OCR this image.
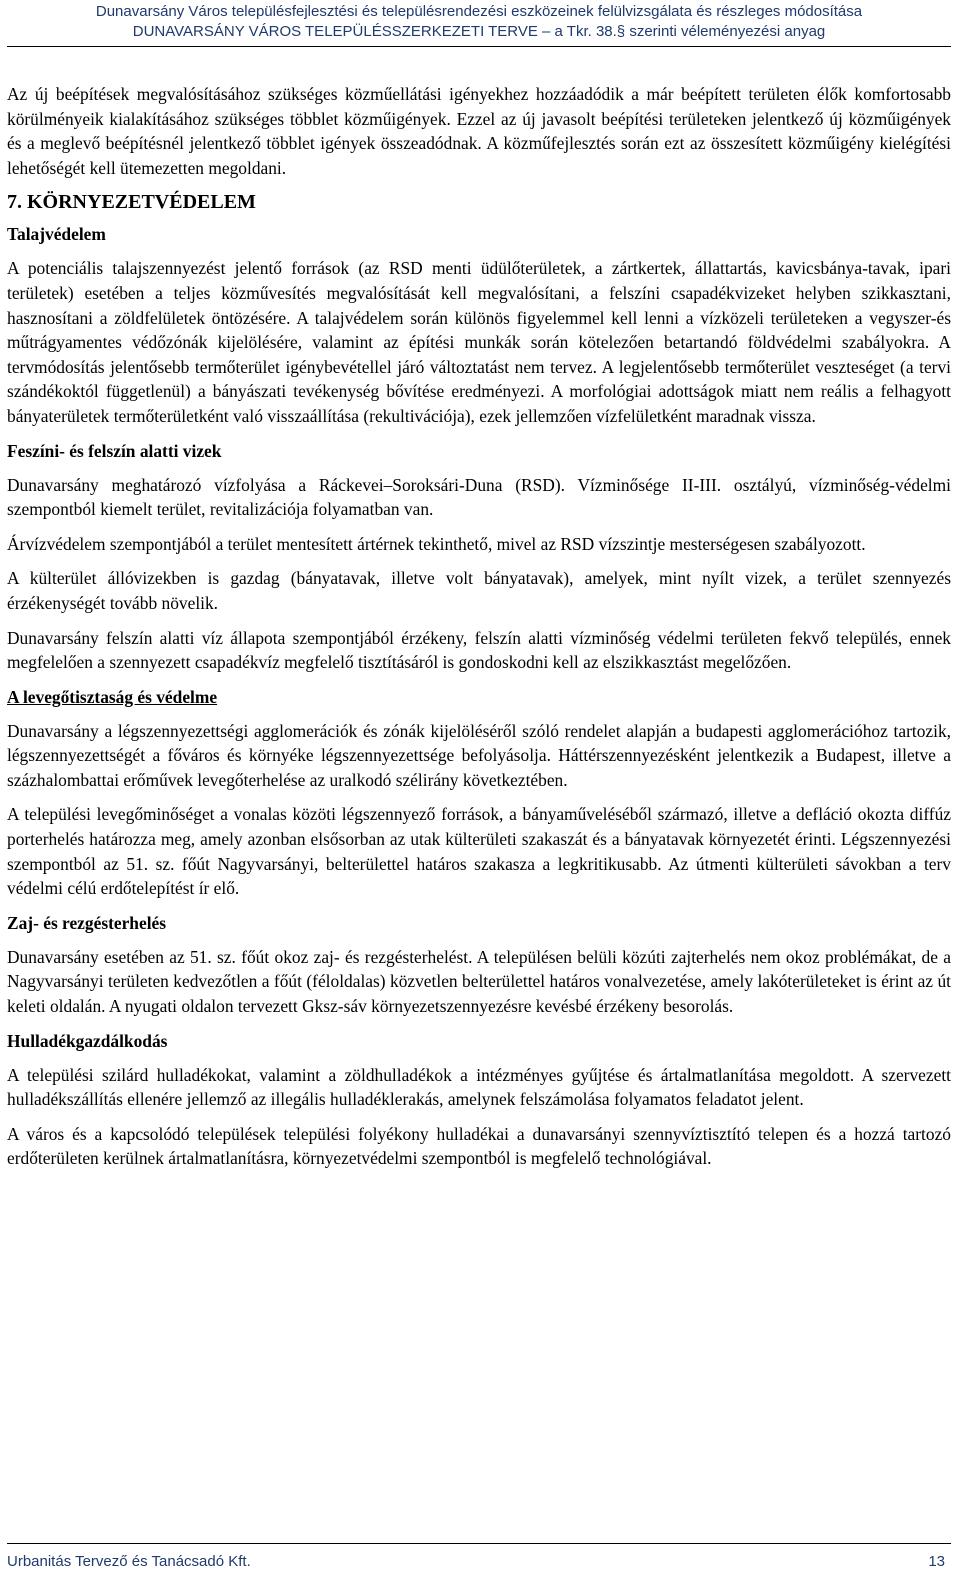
Dunavarsány Város településfejlesztési és településrendezési eszközeinek felülvizsgálata és részleges módosítása
DUNAVARSÁNY VÁROS TELEPÜLÉSSZERKEZETI TERVE – a Tkr. 38.§ szerinti véleményezési anyag

Az új beépítések megvalósításához szükséges közműellátási igényekhez hozzáadódik a már beépített területen élők komfortosabb körülményeik kialakításához szükséges többlet közműigények. Ezzel az új javasolt beépítési területeken jelentkező új közműigények és a meglevő beépítésnél jelentkező többlet igények összeadódnak. A közműfejlesztés során ezt az összesített közműigény kielégítési lehetőségét kell ütemezetten megoldani.

7. KÖRNYEZETVÉDELEM
Talajvédelem

A potenciális talajszennyezést jelentő források (az RSD menti üdülőterületek, a zártkertek, állattartás, kavicsbánya-tavak, ipari területek) esetében a teljes közművesítés megvalósítását kell megvalósítani, a felszíni csapadékvizeket helyben szikkasztani, hasznosítani a zöldfelületek öntözésére. A talajvédelem során különös figyelemmel kell lenni a vízközeli területeken a vegyszer-és műtrágyamentes védőzónák kijelölésére, valamint az építési munkák során kötelezően betartandó földvédelmi szabályokra. A tervmódosítás jelentősebb termőterület igénybevétellel járó változtatást nem tervez. A legjelentősebb termőterület veszteséget (a tervi szándékoktól függetlenül) a bányászati tevékenység bővítése eredményezi. A morfológiai adottságok miatt nem reális a felhagyott bányaterületek termőterületként való visszaállítása (rekultivációja), ezek jellemzően vízfelületként maradnak vissza.

Feszíni- és felszín alatti vizek

Dunavarsány meghatározó vízfolyása a Ráckevei–Soroksári-Duna (RSD). Vízminősége II-III. osztályú, vízminőség-védelmi szempontból kiemelt terület, revitalizációja folyamatban van.

Árvízvédelem szempontjából a terület mentesített ártérnek tekinthető, mivel az RSD vízszintje mesterségesen szabályozott.

A külterület állóvizekben is gazdag (bányatavak, illetve volt bányatavak), amelyek, mint nyílt vizek, a terület szennyezés érzékenységét tovább növelik.

Dunavarsány felszín alatti víz állapota szempontjából érzékeny, felszín alatti vízminőség védelmi területen fekvő település, ennek megfelelően a szennyezett csapadékvíz megfelelő tisztításáról is gondoskodni kell az elszikkasztást megelőzően.

A levegőtisztaság és védelme

Dunavarsány a légszennyezettségi agglomerációk és zónák kijelöléséről szóló rendelet alapján a budapesti agglomerációhoz tartozik, légszennyezettségét a főváros és környéke légszennyezettsége befolyásolja. Háttérszennyezésként jelentkezik a Budapest, illetve a százhalombattai erőművek levegőterhelése az uralkodó szélirány következtében.

A települési levegőminőséget a vonalas közöti légszennyező források, a bányaműveléséből származó, illetve a defláció okozta diffúz porterhelés határozza meg, amely azonban elsősorban az utak külterületi szakaszát és a bányatavak környezetét érinti. Légszennyezési szempontból az 51. sz. főút Nagyvarsányi, belterülettel határos szakasza a legkritikusabb. Az útmenti külterületi sávokban a terv védelmi célú erdőtelepítést ír elő.

Zaj- és rezgésterhelés

Dunavarsány esetében az 51. sz. főút okoz zaj- és rezgésterhelést. A településen belüli közúti zajterhelés nem okoz problémákat, de a Nagyvarsányi területen kedvezőtlen a főút (féloldalas) közvetlen belterülettel határos vonalvezetése, amely lakóterületeket is érint az út keleti oldalán. A nyugati oldalon tervezett Gksz-sáv környezetszennyezésre kevésbé érzékeny besorolás.

Hulladékgazdálkodás

A települési szilárd hulladékokat, valamint a zöldhulladékok a intézményes gyűjtése és ártalmatlanítása megoldott. A szervezett hulladékszállítás ellenére jellemző az illegális hulladéklerakás, amelynek felszámolása folyamatos feladatot jelent.

A város és a kapcsolódó települések települési folyékony hulladékai a dunavarsányi szennyvíztisztító telepen és a hozzá tartozó erdőterületen kerülnek ártalmatlanításra, környezetvédelmi szempontból is megfelelő technológiával.

Urbanitás Tervező és Tanácsadó Kft.	13
